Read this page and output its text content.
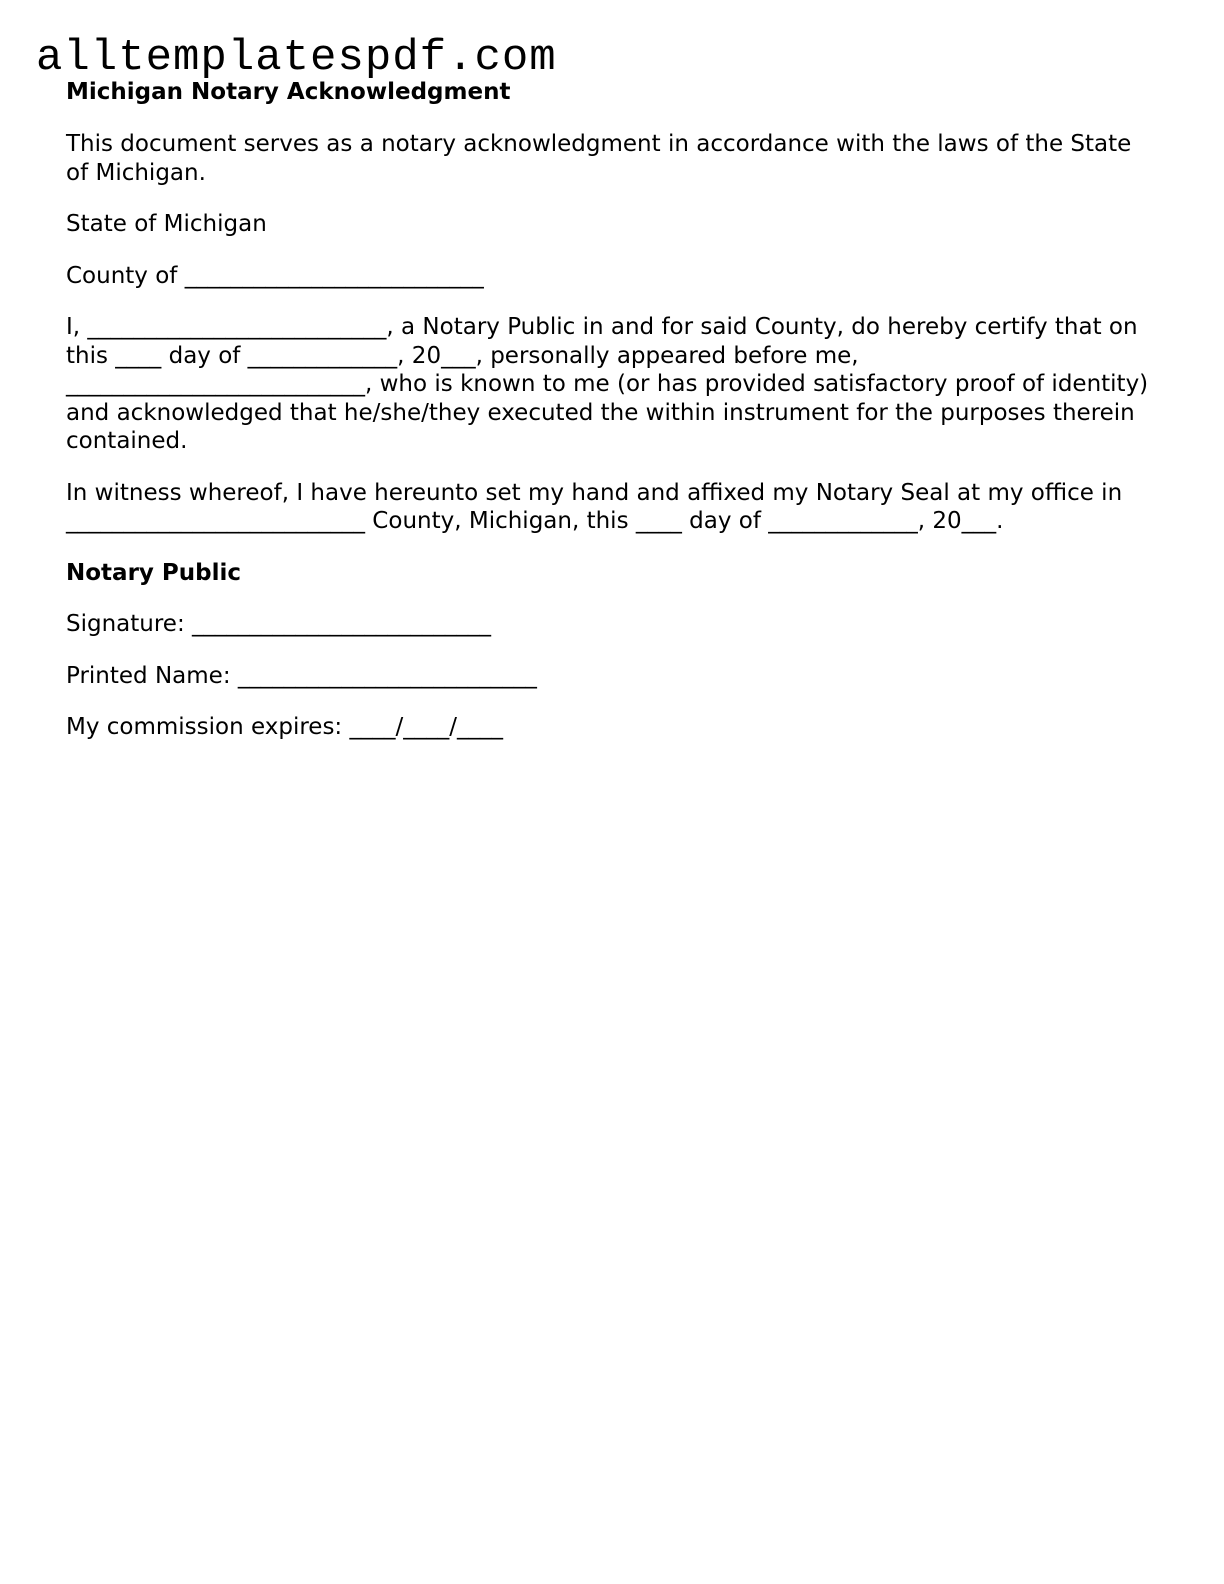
alltemplatespdf.com
Michigan Notary Acknowledgment

This document serves as a notary acknowledgment in accordance with the laws of the State of Michigan.

State of Michigan

County of __________________________

I, __________________________, a Notary Public in and for said County, do hereby certify that on this ____ day of _____________, 20___, personally appeared before me, __________________________, who is known to me (or has provided satisfactory proof of identity) and acknowledged that he/she/they executed the within instrument for the purposes therein contained.

In witness whereof, I have hereunto set my hand and affixed my Notary Seal at my office in __________________________ County, Michigan, this ____ day of _____________, 20___.

Notary Public

Signature: __________________________

Printed Name: __________________________

My commission expires: ____/____/____
